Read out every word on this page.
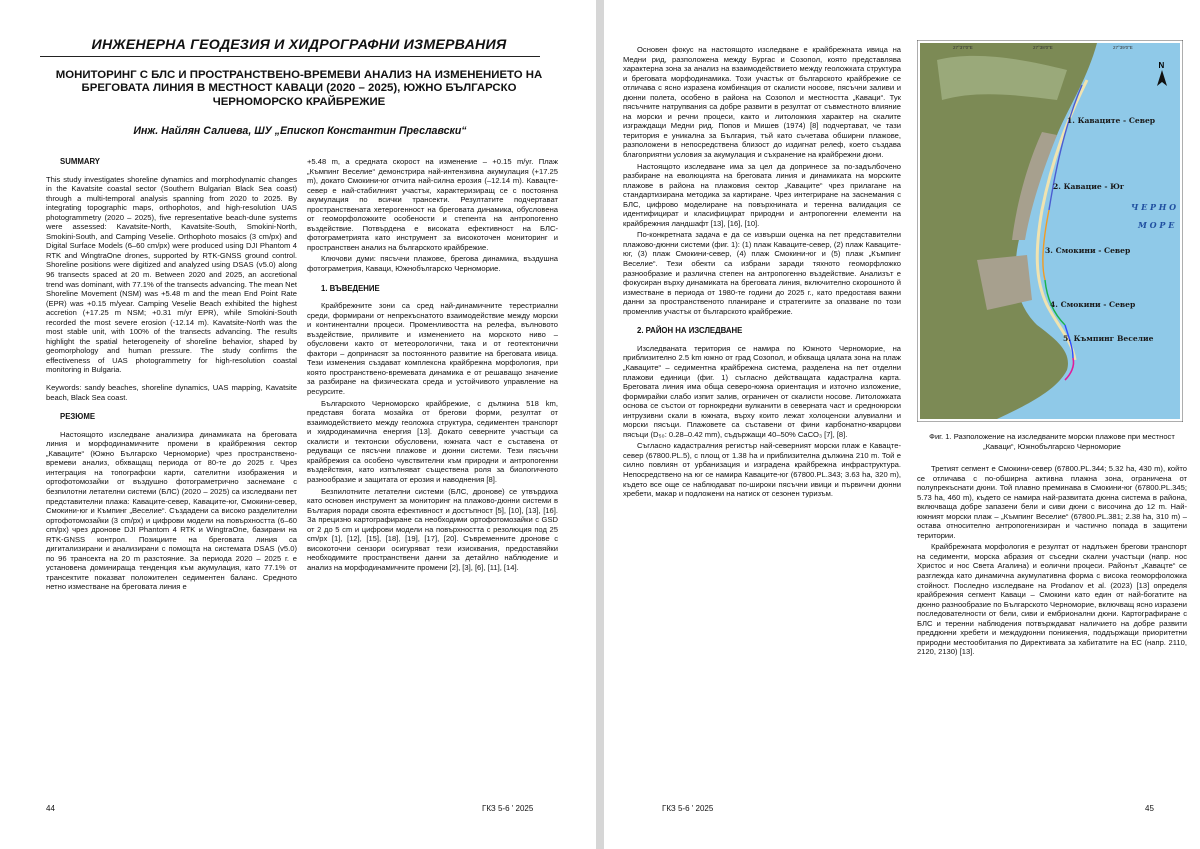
ИНЖЕНЕРНА ГЕОДЕЗИЯ И ХИДРОГРАФНИ ИЗМЕРВАНИЯ
МОНИТОРИНГ С БЛС И ПРОСТРАНСТВЕНО-ВРЕМЕВИ АНАЛИЗ НА ИЗМЕНЕНИЕТО НА БРЕГОВАТА ЛИНИЯ В МЕСТНОСТ КАВАЦИ (2020 – 2025), ЮЖНО БЪЛГАРСКО ЧЕРНОМОРСКО КРАЙБРЕЖИЕ

Инж. Найлян Салиева, ШУ „Епископ Константин Преславски“

SUMMARY

This study investigates shoreline dynamics and morphodynamic changes in the Kavatsite coastal sector (Southern Bulgarian Black Sea coast) through a multi-temporal analysis spanning from 2020 to 2025. By integrating topographic maps, orthophotos, and high-resolution UAS photogrammetry (2020 – 2025), five representative beach-dune systems were assessed: Kavatsite-North, Kavatsite-South, Smokini-North, Smokini-South, and Camping Veselie. Orthophoto mosaics (3 cm/px) and Digital Surface Models (6–60 cm/px) were produced using DJI Phantom 4 RTK and WingtraOne drones, supported by RTK-GNSS ground control. Shoreline positions were digitized and analyzed using DSAS (v5.0) along 96 transects spaced at 20 m. Between 2020 and 2025, an accretional trend was dominant, with 77.1% of the transects advancing. The mean Net Shoreline Movement (NSM) was +5.48 m and the mean End Point Rate (EPR) was +0.15 m/year. Camping Veselie Beach exhibited the highest accretion (+17.25 m NSM; +0.31 m/yr EPR), while Smokini-South recorded the most severe erosion (-12.14 m). Kavatsite-North was the most stable unit, with 100% of the transects advancing. The results highlight the spatial heterogeneity of shoreline behavior, shaped by geomorphology and human pressure. The study confirms the effectiveness of UAS photogrammetry for high-resolution coastal monitoring in Bulgaria.

Keywords: sandy beaches, shoreline dynamics, UAS mapping, Kavatsite beach, Black Sea coast.

РЕЗЮМЕ

Настоящото изследване анализира динамиката на бреговата линия и морфодинамичните промени в крайбрежния сектор „Каваците“ (Южно Българско Черноморие) чрез пространствено-времеви анализ, обхващащ периода от 80-те до 2025 г. Чрез интеграция на топографски карти, сателитни изображения и ортофотомозайки от въздушно фотограметрично заснемане с безпилотни летателни системи (БЛС) (2020 – 2025) са изследвани пет представителни плажа: Каваците-север, Каваците-юг, Смокини-север, Смокини-юг и Къмпинг „Веселие“. Създадени са високо разделителни ортофотомозайки (3 cm/px) и цифрови модели на повърхността (6–60 cm/px) чрез дронове DJI Phantom 4 RTK и WingtraOne, базирани на RTK-GNSS контрол. Позициите на бреговата линия са дигитализирани и анализирани с помощта на системата DSAS (v5.0) по 96 трансекта на 20 m разстояние. За периода 2020 – 2025 г. е установена доминираща тенденция към акумулация, като 77.1% от трансектите показват положителен седиментен баланс. Средното нетно изместване на бреговата линия е

+5.48 m, а средната скорост на изменение – +0.15 m/yr. Плаж „Къмпинг Веселие“ демонстрира най-интензивна акумулация (+17.25 m), докато Смокини-юг отчита най-силна ерозия (–12.14 m). Кавацте-север е най-стабилният участък, характеризиращ се с постоянна акумулация по всички трансекти. Резултатите подчертават пространствената хетерогенност на бреговата динамика, обусловена от геоморфоложките особености и степента на антропогенно въздействие. Потвърдена е високата ефективност на БЛС-фотограметрията като инструмент за високоточен мониторинг и пространствен анализ на българското крайбрежие.

Ключови думи: пясъчни плажове, брегова динамика, въздушна фотограметрия, Каваци, Южнобългарско Черноморие.

1. ВЪВЕДЕНИЕ

Крайбрежните зони са сред най-динамичните терестриални среди, формирани от непрекъснатото взаимодействие между морски и континентални процеси. Променливостта на релефа, вълновото въздействие, приливите и изменението на морското ниво – обусловени както от метеорологични, така и от геотектонични фактори – допринасят за постоянното развитие на бреговата ивица. Тези изменения създават комплексна крайбрежна морфология, при която пространствено-времевата динамика е от решаващо значение за разбиране на физическата среда и устойчивото управление на ресурсите.

Българското Черноморско крайбрежие, с дължина 518 km, представя богата мозайка от брегови форми, резултат от взаимодействието между геоложка структура, седиментен транспорт и хидродинамична енергия [13]. Докато северните участъци са скалисти и тектонски обусловени, южната част е съставена от редуващи се пясъчни плажове и дюнни системи. Тези пясъчни крайбрежия са особено чувствителни към природни и антропогенни въздействия, като изпълняват съществена роля за биологичното разнообразие и защитата от ерозия и наводнения [8].

Безпилотните летателни системи (БЛС, дронове) се утвърдиха като основен инструмент за мониторинг на плажово-дюнни системи в България поради своята ефективност и достъпност [5], [10], [13], [16]. За прецизно картографиране са необходими ортофотомозайки с GSD от 2 до 5 cm и цифрови модели на повърхността с резолюция под 25 cm/px [1], [12], [15], [18], [19], [17], [20]. Съвременните дронове с високоточни сензори осигуряват тези изисквания, предоставяйки необходимите пространствени данни за детайлно наблюдение и анализ на морфодинамичните промени [2], [3], [6], [11], [14].

44	ГКЗ 5-6 ' 2025

Основен фокус на настоящото изследване е крайбрежната ивица на Медни рид, разположена между Бургас и Созопол, която представлява характерна зона за анализ на взаимодействието между геоложката структура и бреговата морфодинамика. Този участък от българското крайбрежие се отличава с ясно изразена комбинация от скалисти носове, пясъчни заливи и дюнни полета, особено в района на Созопол и местността „Каваци“. Тук пясъчните натрупвания са добре развити в резултат от съвместното влияние на морски и речни процеси, както и литоложкия характер на скалите изграждащи Медни рид. Попов и Мишев (1974) [8] подчертават, че тази територия е уникална за България, тъй като съчетава обширни плажове, разположени в непосредствена близост до издигнат релеф, което създава благоприятни условия за акумулация и съхранение на крайбрежни дюни.

Настоящото изследване има за цел да допринесе за по-задълбочено разбиране на еволюцията на бреговата линия и динамиката на морските плажове в района на плажовия сектор „Каваците“ чрез прилагане на стандартизирана методика за картиране. Чрез интегриране на заснемания с БЛС, цифрово моделиране на повърхнината и теренна валидация се идентифицират и класифицират природни и антропогенни елементи на крайбрежния ландшафт [13], [16], [10].

По-конкретната задача е да се извърши оценка на пет представителни плажово-дюнни системи (фиг. 1): (1) плаж Каваците-север, (2) плаж Каваците-юг, (3) плаж Смокини-север, (4) плаж Смокини-юг и (5) плаж „Къмпинг Веселие“. Тези обекти са избрани заради тяхното геоморфложко разнообразие и различна степен на антропогенно въздействие. Анализът е фокусиран върху динамиката на бреговата линия, включително скорошното й изместване в периода от 1980-те години до 2025 г., като предоставя важни данни за пространственото планиране и стратегиите за опазване по този променлив участък от българското крайбрежие.

2. РАЙОН НА ИЗСЛЕДВАНЕ

Изследваната територия се намира по Южното Черноморие, на приблизително 2.5 km южно от град Созопол, и обхваща цялата зона на плаж „Каваците“ – седиментна крайбрежна система, разделена на пет отделни плажови единици (фиг. 1) съгласно действащата кадастрална карта. Бреговата линия има обща северо-южна ориентация и източно изложение, формирайки слабо изпит залив, ограничен от скалисти носове. Литоложката основа се състои от горнокредни вулканити в северната част и средноюрски интрузивни скали в южната, върху които лежат холоценски алувиални и морски пясъци. Плажовете са съставени от фини карбонатно-кварцови пясъци (D₅₀: 0.28–0.42 mm), съдържащи 40–50% CaCO₃ [7], [8].

Съгласно кадастралния регистър най-северният морски плаж е Кавацте-север (67800.PL.5), с площ от 1.38 ha и приблизителна дължина 210 m. Той е силно повлиян от урбанизация и изградена крайбрежна инфраструктура. Непосредствено на юг се намира Каваците-юг (67800.PL.343; 3.63 ha, 320 m), където все още се наблюдават по-широки пясъчни ивици и първични дюнни хребети, макар и подложени на натиск от сезонен туризъм.

1. Каваците - Север
2. Кавацие - Юг
3. Смокини - Север
4. Смокини - Север
5. Къмпинг Веселие
Ч Е Р Н О
М О Р Е
N
27°37'0"E	27°38'0"E	27°39'0"E
Фиг. 1. Разположение на изследваните морски плажове при местност „Каваци“, Южнобългарско Черноморие

Третият сегмент е Смокини-север (67800.PL.344; 5.32 ha, 430 m), който се отличава с по-обширна активна плажна зона, ограничена от полупрекъснати дюни. Той плавно преминава в Смокини-юг (67800.PL.345; 5.73 ha, 460 m), където се намира най-развитата дюнна система в района, включваща добре запазени бели и сиви дюни с височина до 12 m. Най-южният морски плаж – „Къмпинг Веселие“ (67800.PL.381; 2.38 ha, 310 m) – остава относително антропогенизиран и частично попада в защитени територии.

Крайбрежната морфология е резултат от надлъжен брегови транспорт на седименти, морска абразия от съседни скални участъци (напр. нос Христос и нос Света Агалина) и еолични процеси. Районът „Кавацте“ се разглежда като динамична акумулативна форма с висока геоморфоложка стойност. Последно изследване на Prodanov et al. (2023) [13] определя крайбрежния сегмент Каваци – Смокини като един от най-богатите на дюнно разнообразие по Българското Черноморие, включващ ясно изразени последователности от бели, сиви и ембрионални дюни. Картографиране с БЛС и теренни наблюдения потвърждават наличието на добре развити преддюнни хребети и междудюнни понижения, поддържащи приоритетни природни местообитания по Директивата за хабитатите на ЕС (напр. 2110, 2120, 2130) [13].

ГКЗ 5-6 ' 2025	45
